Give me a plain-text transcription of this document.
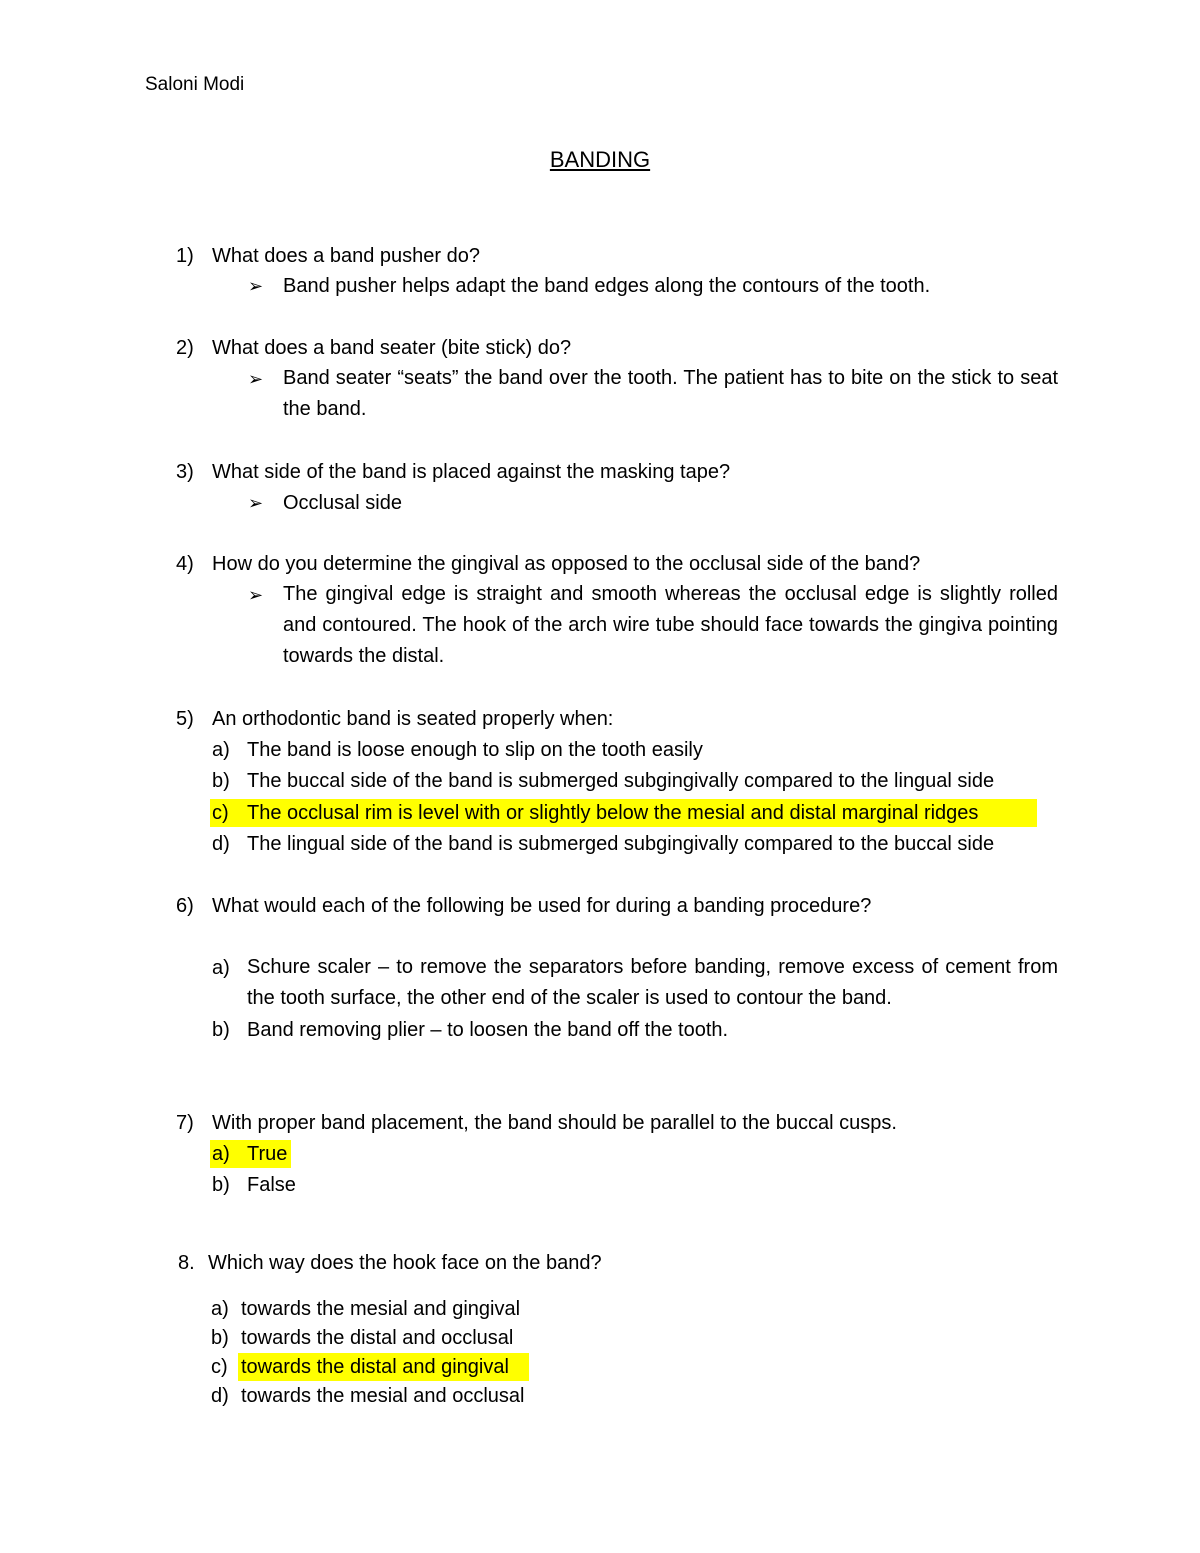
Saloni Modi
BANDING
1) What does a band pusher do?
➢ Band pusher helps adapt the band edges along the contours of the tooth.
2) What does a band seater (bite stick) do?
➢ Band seater “seats” the band over the tooth. The patient has to bite on the stick to seat the band.
3) What side of the band is placed against the masking tape?
➢ Occlusal side
4) How do you determine the gingival as opposed to the occlusal side of the band?
➢ The gingival edge is straight and smooth whereas the occlusal edge is slightly rolled and contoured. The hook of the arch wire tube should face towards the gingiva pointing towards the distal.
5) An orthodontic band is seated properly when:
a) The band is loose enough to slip on the tooth easily
b) The buccal side of the band is submerged subgingivally compared to the lingual side
c) The occlusal rim is level with or slightly below the mesial and distal marginal ridges
d) The lingual side of the band is submerged subgingivally compared to the buccal side
6) What would each of the following be used for during a banding procedure?
a) Schure scaler – to remove the separators before banding, remove excess of cement from the tooth surface, the other end of the scaler is used to contour the band.
b) Band removing plier – to loosen the band off the tooth.
7) With proper band placement, the band should be parallel to the buccal cusps.
a) True
b) False
8. Which way does the hook face on the band?
a) towards the mesial and gingival
b) towards the distal and occlusal
c) towards the distal and gingival
d) towards the mesial and occlusal
